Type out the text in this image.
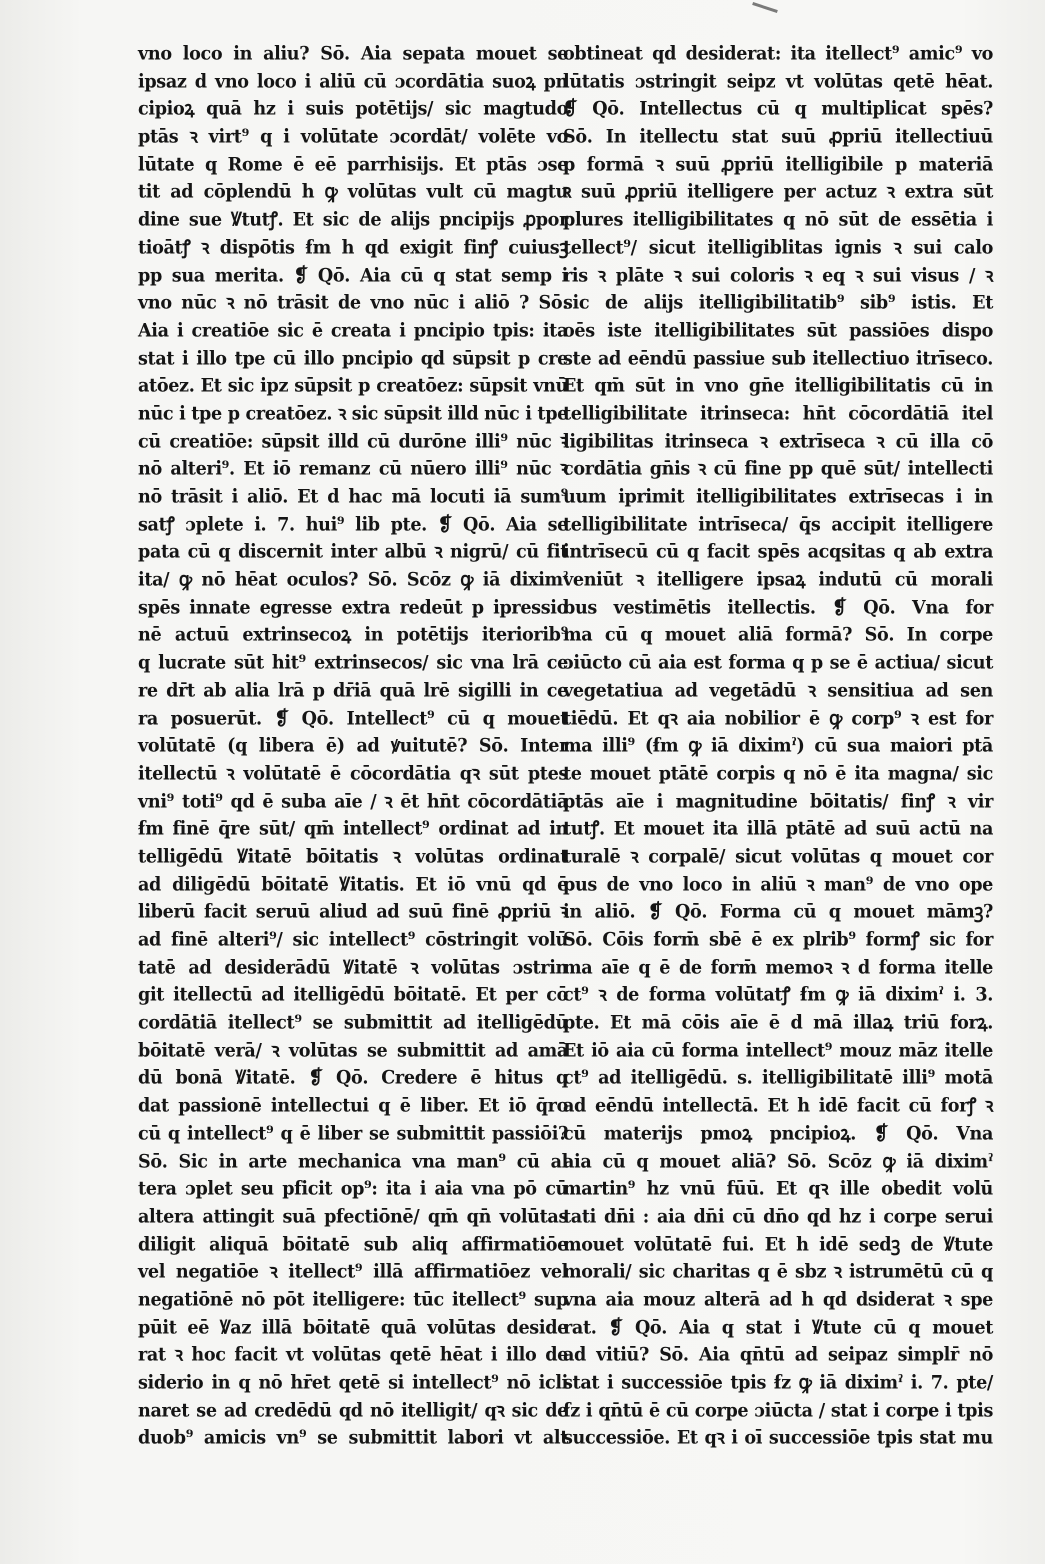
vno loco in aliu? Sō. Aia sepata mouet se
ipsaz d vno loco i aliū cū ɔcordātia suoꝝ pn
cipioꝝ quā hz i suis potētijs/ sic magtudo
ptās ꝛ virt⁹ q i volūtate ɔcordāt/ volēte vo
lūtate q Rome ē eē parrhisijs. Et ptās ɔse
tit ad cōplendū h ꝙ volūtas vult cū magtu
dine sue Ꝟtutꝭ. Et sic de alijs pncipijs ꝓpor
tioātꝭ ꝛ dispōtis ẜm h qd exigit finꝭ cuiusꝫ
pp sua merita. ❡ Qō. Aia cū q stat semp i
vno nūc ꝛ nō trāsit de vno nūc i aliō ? Sō.
Aia i creatiōe sic ē creata i pncipio tpis: ita
stat i illo tpe cū illo pncipio qd sūpsit p cre
atōez. Et sic ipz sūpsit p creatōez: sūpsit vnū
nūc i tpe p creatōez. ꝛ sic sūpsit illd nūc i tpe
cū creatiōe: sūpsit illd cū durōne illi⁹ nūc ꝛ
nō alteri⁹. Et iō remanz cū nūero illi⁹ nūc ꝛ
nō trāsit i aliō. Et d hac mā locuti iā sum⁹
satꝭ ɔplete i. 7. hui⁹ lib pte. ❡ Qō. Aia se
pata cū q discernit inter albū ꝛ nigrū/ cū fit
ita/ ꝙ nō hēat oculos? Sō. Scōz ꝙ iā diximˀ
spēs innate egresse extra redeūt p ipressio
nē actuū extrinsecoꝝ in potētijs iteriorib⁹
q lucrate sūt hit⁹ extrinsecos/ sic vna lrā ce
re dr̄t ab alia lrā p dr̄iā quā lrē sigilli in ce
ra posuerūt. ❡ Qō. Intellect⁹ cū q mouet
volūtatē (q libera ē) ad ꝟuitutē? Sō. Inter
itellectū ꝛ volūtatē ē cōcordātia qꝛ sūt ptes
vni⁹ toti⁹ qd ē suba aīe / ꝛ ēt hn̄t cōcordātiā
ẜm finē q̄re sūt/ qm̄ intellect⁹ ordinat ad in
telligēdū Ꝟitatē bōitatis ꝛ volūtas ordinat
ad diligēdū bōitatē Ꝟitatis. Et iō vnū qd ē
liberū facit seruū aliud ad suū finē ꝓpriū ꝛ
ad finē alteri⁹/ sic intellect⁹ cōstringit volū
tatē ad desiderādū Ꝟitatē ꝛ volūtas ɔstrin
git itellectū ad itelligēdū bōitatē. Et per cō
cordātiā itellect⁹ se submittit ad itelligēdū
bōitatē verā/ ꝛ volūtas se submittit ad amā
dū bonā Ꝟitatē. ❡ Qō. Credere ē hitus q
dat passionē intellectui q ē liber. Et iō q̄ro
cū q intellect⁹ q ē liber se submittit passiōi?
Sō. Sic in arte mechanica vna man⁹ cū al
tera ɔplet seu pficit op⁹: ita i aia vna pō cū
altera attingit suā pfectiōnē/ qm̄ qn̄ volūtas
diligit aliquā bōitatē sub aliq affirmatiōe
vel negatiōe ꝛ itellect⁹ illā affirmatiōez vel
negatiōnē nō pōt itelligere: tūc itellect⁹ sup
pūit eē Ꝟaz illā bōitatē quā volūtas deside
rat ꝛ hoc facit vt volūtas qetē hēat i illo de
siderio in q nō hr̄et qetē si intellect⁹ nō icli
naret se ad credēdū qd nō itelligit/ qꝛ sic de
duob⁹ amicis vn⁹ se submittit labori vt alt
obtineat qd desiderat: ita itellect⁹ amic⁹ vo
lūtatis ɔstringit seipz vt volūtas qetē hēat.
❡ Qō. Intellectus cū q multiplicat spēs?
Sō. In itellectu stat suū ꝓpriū itellectiuū
p formā ꝛ suū ꝓpriū itelligibile p materiā
ꝛ suū ꝓpriū itelligere per actuz ꝛ extra sūt
plures itelligibilitates q nō sūt de essētia i
tellect⁹/ sicut itelligiblitas ignis ꝛ sui calo
ris ꝛ plāte ꝛ sui coloris ꝛ eq ꝛ sui visus / ꝛ
sic de alijs itelligibilitatib⁹ sib⁹ istis. Et
oēs iste itelligibilitates sūt passiōes dispo
ste ad eēndū passiue sub itellectiuo itrīseco.
Et qm̄ sūt in vno gn̄e itelligibilitatis cū in
telligibilitate itrinseca: hn̄t cōcordātiā itel
ligibilitas itrinseca ꝛ extrīseca ꝛ cū illa cō
cordātia gn̄is ꝛ cū fine pp quē sūt/ intellecti
uum iprimit itelligibilitates extrīsecas i in
telligibilitate intrīseca/ q̄s accipit itelligere
intrīsecū cū q facit spēs acqsitas q ab extra
veniūt ꝛ itelligere ipsaꝝ indutū cū morali
bus vestimētis itellectis. ❡ Qō. Vna for
ma cū q mouet aliā formā? Sō. In corpe
ɔiūcto cū aia est forma q p se ē actiua/ sicut
vegetatiua ad vegetādū ꝛ sensitiua ad sen
tiēdū. Et qꝛ aia nobilior ē ꝙ corp⁹ ꝛ est for
ma illi⁹ (ẜm ꝙ iā diximˀ) cū sua maiori ptā
te mouet ptātē corpis q nō ē ita magna/ sic
ptās aīe i magnitudine bōitatis/ finꝭ ꝛ vir
tutꝭ. Et mouet ita illā ptātē ad suū actū na
turalē ꝛ corpalē/ sicut volūtas q mouet cor
pus de vno loco in aliū ꝛ man⁹ de vno ope
in aliō. ❡ Qō. Forma cū q mouet māmꝫ?
Sō. Cōis form̄ sbē ē ex plrib⁹ formꝭ sic for
ma aīe q ē de form̄ memoꝛ ꝛ d forma itelle
ct⁹ ꝛ de forma volūtatꝭ ẜm ꝙ iā diximˀ i. 3.
pte. Et mā cōis aīe ē d mā illaꝝ triū forꝝ.
Et iō aia cū forma intellect⁹ mouz māz itelle
ct⁹ ad itelligēdū. s. itelligibilitatē illi⁹ motā
ad eēndū intellectā. Et h idē facit cū forꝭ ꝛ
cū materijs pmoꝝ pncipioꝝ. ❡ Qō. Vna
aia cū q mouet aliā? Sō. Scōz ꝙ iā diximˀ
martin⁹ hz vnū fūū. Et qꝛ ille obedit volū
tati dn̄i : aia dn̄i cū dn̄o qd hz i corpe serui
mouet volūtatē fui. Et h idē sedꝫ de Ꝟtute
morali/ sic charitas q ē sbz ꝛ istrumētū cū q
vna aia mouz alterā ad h qd dsiderat ꝛ spe
rat. ❡ Qō. Aia q stat i Ꝟtute cū q mouet
ad vitiū? Sō. Aia qn̄tū ad seipaz simplr̄ nō
stat i successiōe tpis ẜz ꝙ iā diximˀ i. 7. pte/
ẜz i qn̄tū ē cū corpe ɔiūcta / stat i corpe i tpis
successiōe. Et qꝛ i oī successiōe tpis stat mu
